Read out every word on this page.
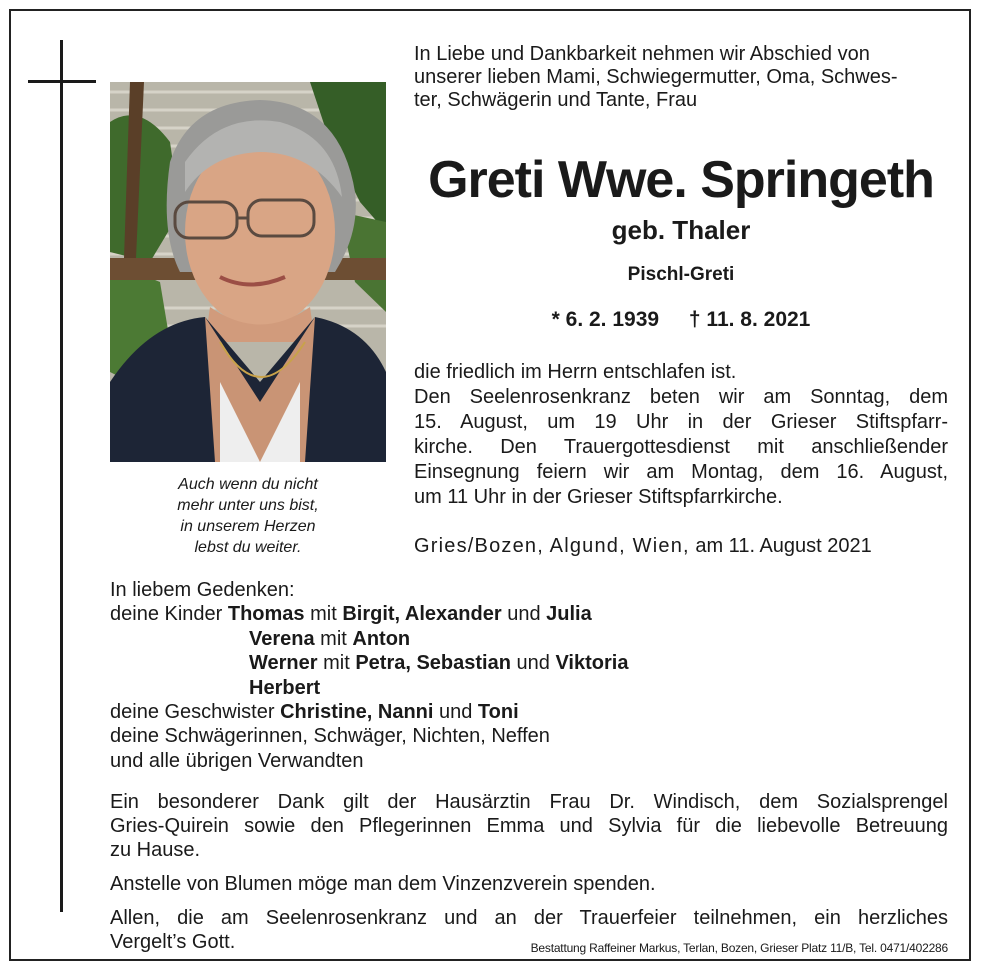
Auch wenn du nicht
mehr unter uns bist,
in unserem Herzen
lebst du weiter.
In Liebe und Dankbarkeit nehmen wir Abschied von
unserer lieben Mami, Schwiegermutter, Oma, Schwes-
ter, Schwägerin und Tante, Frau
Greti Wwe. Springeth
geb. Thaler
Pischl-Greti
* 6. 2. 1939 † 11. 8. 2021
die friedlich im Herrn entschlafen ist.
Den Seelenrosenkranz beten wir am Sonntag, dem
15. August, um 19 Uhr in der Grieser Stiftspfarr-
kirche. Den Trauergottesdienst mit anschließender
Einsegnung feiern wir am Montag, dem 16. August,
um 11 Uhr in der Grieser Stiftspfarrkirche.
Gries/Bozen, Algund, Wien, am 11. August 2021
In liebem Gedenken:
deine Kinder Thomas mit Birgit, Alexander und Julia
Verena mit Anton
Werner mit Petra, Sebastian und Viktoria
Herbert
deine Geschwister Christine, Nanni und Toni
deine Schwägerinnen, Schwäger, Nichten, Neffen
und alle übrigen Verwandten

Ein besonderer Dank gilt der Hausärztin Frau Dr. Windisch, dem Sozialsprengel
Gries-Quirein sowie den Pflegerinnen Emma und Sylvia für die liebevolle Betreuung
zu Hause.

Anstelle von Blumen möge man dem Vinzenzverein spenden.

Allen, die am Seelenrosenkranz und an der Trauerfeier teilnehmen, ein herzliches
Vergelt’s Gott.	Bestattung Raffeiner Markus, Terlan, Bozen, Grieser Platz 11/B, Tel. 0471/402286
